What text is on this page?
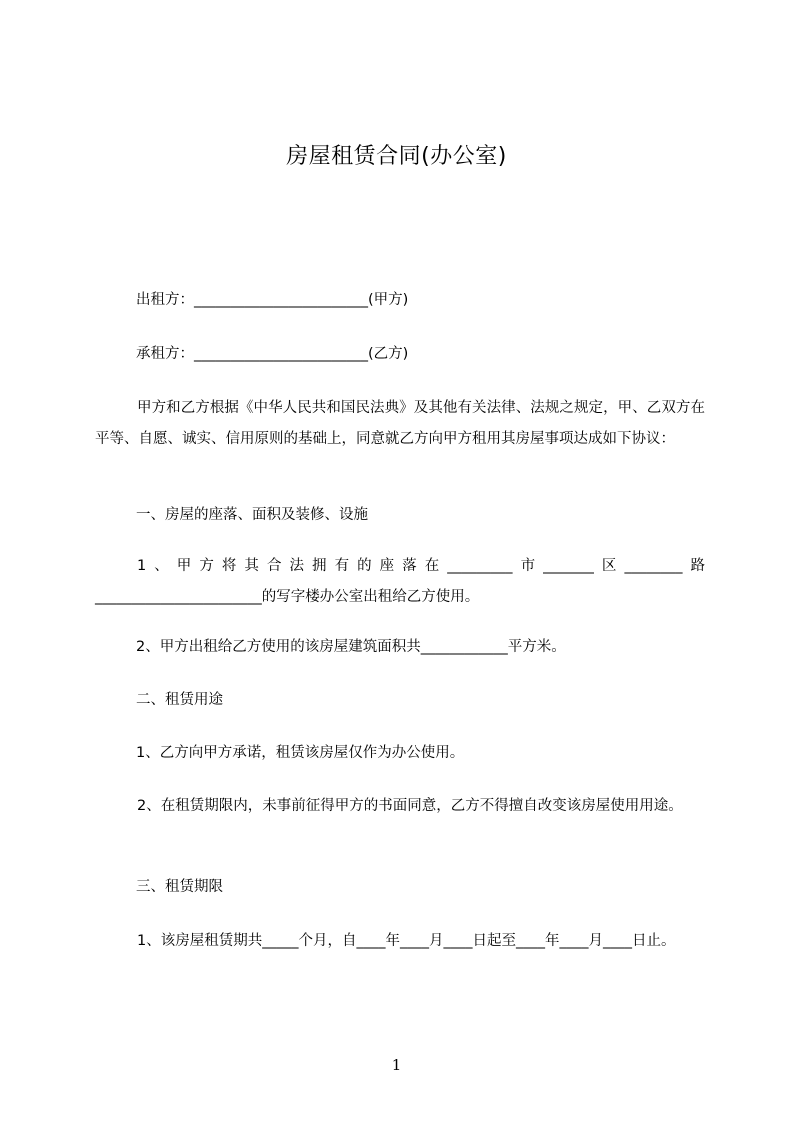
房屋租赁合同(办公室)
出租方：________________________(甲方)
承租方：________________________(乙方)
甲方和乙方根据《中华人民共和国民法典》及其他有关法律、法规之规定，甲、乙双方在平等、自愿、诚实、信用原则的基础上，同意就乙方向甲方租用其房屋事项达成如下协议：
一、房屋的座落、面积及装修、设施
1、甲方将其合法拥有的座落在_________市_______区________路_______________________的写字楼办公室出租给乙方使用。
2、甲方出租给乙方使用的该房屋建筑面积共____________平方米。
二、租赁用途
1、乙方向甲方承诺，租赁该房屋仅作为办公使用。
2、在租赁期限内，未事前征得甲方的书面同意，乙方不得擅自改变该房屋使用用途。
三、租赁期限
1、该房屋租赁期共_____个月，自____年____月____日起至____年____月____日止。
1
